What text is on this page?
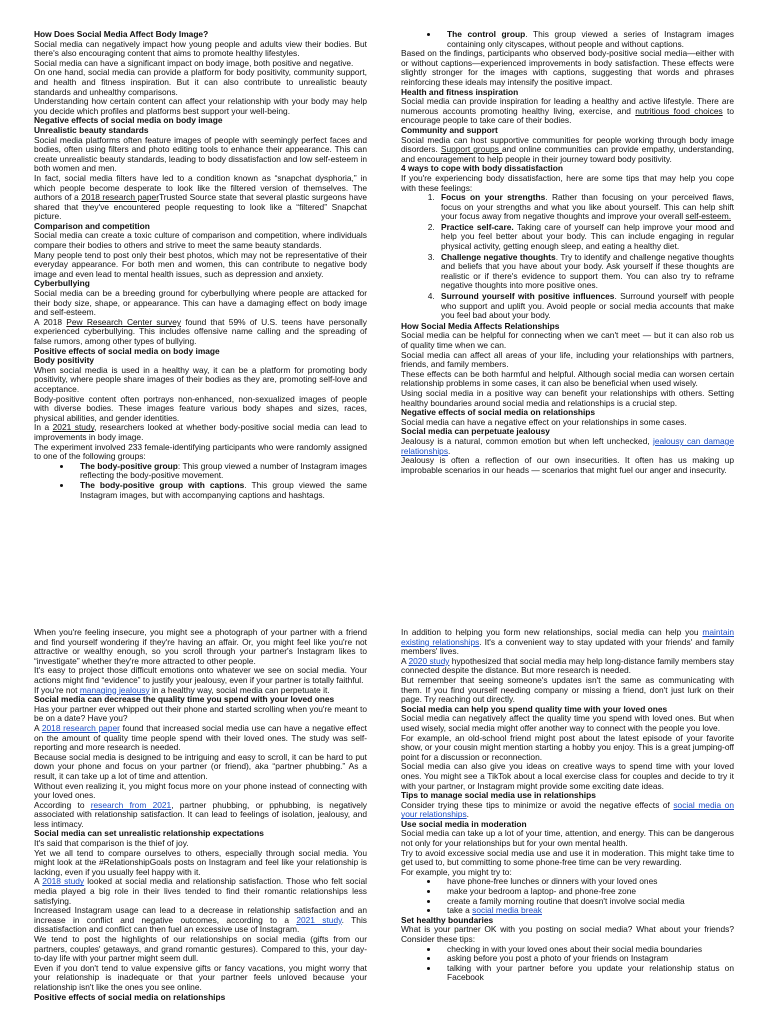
How Does Social Media Affect Body Image?

Social media can negatively impact how young people and adults view their bodies. But there's also encouraging content that aims to promote healthy lifestyles.

Social media can have a significant impact on body image, both positive and negative.

On one hand, social media can provide a platform for body positivity, community support, and health and fitness inspiration. But it can also contribute to unrealistic beauty standards and unhealthy comparisons.

Understanding how certain content can affect your relationship with your body may help you decide which profiles and platforms best support your well-being.

Negative effects of social media on body image
Unrealistic beauty standards

Social media platforms often feature images of people with seemingly perfect faces and bodies, often using filters and photo editing tools to enhance their appearance. This can create unrealistic beauty standards, leading to body dissatisfaction and low self-esteem in both women and men.

In fact, social media filters have led to a condition known as “snapchat dysphoria,” in which people become desperate to look like the filtered version of themselves. The authors of a 2018 research paperTrusted Source state that several plastic surgeons have shared that they've encountered people requesting to look like a “filtered” Snapchat picture.

Comparison and competition

Social media can create a toxic culture of comparison and competition, where individuals compare their bodies to others and strive to meet the same beauty standards.

Many people tend to post only their best photos, which may not be representative of their everyday appearance. For both men and women, this can contribute to negative body image and even lead to mental health issues, such as depression and anxiety.

Cyberbullying

Social media can be a breeding ground for cyberbullying where people are attacked for their body size, shape, or appearance. This can have a damaging effect on body image and self-esteem.

A 2018 Pew Research Center survey found that 59% of U.S. teens have personally experienced cyberbullying. This includes offensive name calling and the spreading of false rumors, among other types of bullying.

Positive effects of social media on body image
Body positivity

When social media is used in a healthy way, it can be a platform for promoting body positivity, where people share images of their bodies as they are, promoting self-love and acceptance.

Body-positive content often portrays non-enhanced, non-sexualized images of people with diverse bodies. These images feature various body shapes and sizes, races, physical abilities, and gender identities.

In a 2021 study, researchers looked at whether body-positive social media can lead to improvements in body image.

The experiment involved 233 female-identifying participants who were randomly assigned to one of the following groups:

• The body-positive group: This group viewed a number of Instagram images reflecting the body-positive movement.
• The body-positive group with captions. This group viewed the same Instagram images, but with accompanying captions and hashtags.
• The control group. This group viewed a series of Instagram images containing only cityscapes, without people and without captions.

Based on the findings, participants who observed body-positive social media—either with or without captions—experienced improvements in body satisfaction. These effects were slightly stronger for the images with captions, suggesting that words and phrases reinforcing these ideals may intensify the positive impact.

Health and fitness inspiration

Social media can provide inspiration for leading a healthy and active lifestyle. There are numerous accounts promoting healthy living, exercise, and nutritious food choices to encourage people to take care of their bodies.

Community and support

Social media can host supportive communities for people working through body image disorders. Support groups and online communities can provide empathy, understanding, and encouragement to help people in their journey toward body positivity.

4 ways to cope with body dissatisfaction

If you're experiencing body dissatisfaction, here are some tips that may help you cope with these feelings:

1. Focus on your strengths. Rather than focusing on your perceived flaws, focus on your strengths and what you like about yourself. This can help shift your focus away from negative thoughts and improve your overall self-esteem.
2. Practice self-care. Taking care of yourself can help improve your mood and help you feel better about your body. This can include engaging in regular physical activity, getting enough sleep, and eating a healthy diet.
3. Challenge negative thoughts. Try to identify and challenge negative thoughts and beliefs that you have about your body. Ask yourself if these thoughts are realistic or if there's evidence to support them. You can also try to reframe negative thoughts into more positive ones.
4. Surround yourself with positive influences. Surround yourself with people who support and uplift you. Avoid people or social media accounts that make you feel bad about your body.
How Social Media Affects Relationships

Social media can be helpful for connecting when we can't meet — but it can also rob us of quality time when we can.

Social media can affect all areas of your life, including your relationships with partners, friends, and family members.

These effects can be both harmful and helpful. Although social media can worsen certain relationship problems in some cases, it can also be beneficial when used wisely.

Using social media in a positive way can benefit your relationships with others. Setting healthy boundaries around social media and relationships is a crucial step.

Negative effects of social media on relationships

Social media can have a negative effect on your relationships in some cases.

Social media can perpetuate jealousy

Jealousy is a natural, common emotion but when left unchecked, jealousy can damage relationships.

Jealousy is often a reflection of our own insecurities. It often has us making up improbable scenarios in our heads — scenarios that might fuel our anger and insecurity.

When you're feeling insecure, you might see a photograph of your partner with a friend and find yourself wondering if they're having an affair. Or, you might feel like you're not attractive or wealthy enough, so you scroll through your partner's Instagram likes to “investigate” whether they're more attracted to other people.

It's easy to project those difficult emotions onto whatever we see on social media. Your actions might find “evidence” to justify your jealousy, even if your partner is totally faithful.

If you're not managing jealousy in a healthy way, social media can perpetuate it.

Social media can decrease the quality time you spend with your loved ones

Has your partner ever whipped out their phone and started scrolling when you're meant to be on a date? Have you?

A 2018 research paper found that increased social media use can have a negative effect on the amount of quality time people spend with their loved ones. The study was self-reporting and more research is needed.

Because social media is designed to be intriguing and easy to scroll, it can be hard to put down your phone and focus on your partner (or friend), aka “partner phubbing.” As a result, it can take up a lot of time and attention.

Without even realizing it, you might focus more on your phone instead of connecting with your loved ones.

According to research from 2021, partner phubbing, or pphubbing, is negatively associated with relationship satisfaction. It can lead to feelings of isolation, jealousy, and less intimacy.

Social media can set unrealistic relationship expectations

It's said that comparison is the thief of joy.

Yet we all tend to compare ourselves to others, especially through social media. You might look at the #RelationshipGoals posts on Instagram and feel like your relationship is lacking, even if you usually feel happy with it.

A 2018 study looked at social media and relationship satisfaction. Those who felt social media played a big role in their lives tended to find their romantic relationships less satisfying.

Increased Instagram usage can lead to a decrease in relationship satisfaction and an increase in conflict and negative outcomes, according to a 2021 study. This dissatisfaction and conflict can then fuel an excessive use of Instagram.

We tend to post the highlights of our relationships on social media (gifts from our partners, couples' getaways, and grand romantic gestures). Compared to this, your day-to-day life with your partner might seem dull.

Even if you don't tend to value expensive gifts or fancy vacations, you might worry that your relationship is inadequate or that your partner feels unloved because your relationship isn't like the ones you see online.

Positive effects of social media on relationships

In addition to helping you form new relationships, social media can help you maintain existing relationships. It's a convenient way to stay updated with your friends' and family members' lives.

A 2020 study hypothesized that social media may help long-distance family members stay connected despite the distance. But more research is needed.

But remember that seeing someone's updates isn't the same as communicating with them. If you find yourself needing company or missing a friend, don't just lurk on their page. Try reaching out directly.

Social media can help you spend quality time with your loved ones

Social media can negatively affect the quality time you spend with loved ones. But when used wisely, social media might offer another way to connect with the people you love.

For example, an old-school friend might post about the latest episode of your favorite show, or your cousin might mention starting a hobby you enjoy. This is a great jumping-off point for a discussion or reconnection.

Social media can also give you ideas on creative ways to spend time with your loved ones. You might see a TikTok about a local exercise class for couples and decide to try it with your partner, or Instagram might provide some exciting date ideas.

Tips to manage social media use in relationships

Consider trying these tips to minimize or avoid the negative effects of social media on your relationships.

Use social media in moderation

Social media can take up a lot of your time, attention, and energy. This can be dangerous not only for your relationships but for your own mental health.

Try to avoid excessive social media use and use it in moderation. This might take time to get used to, but committing to some phone-free time can be very rewarding.

For example, you might try to:

• have phone-free lunches or dinners with your loved ones
• make your bedroom a laptop- and phone-free zone
• create a family morning routine that doesn't involve social media
• take a social media break
Set healthy boundaries

What is your partner OK with you posting on social media? What about your friends? Consider these tips:

• checking in with your loved ones about their social media boundaries
• asking before you post a photo of your friends on Instagram
• talking with your partner before you update your relationship status on Facebook
